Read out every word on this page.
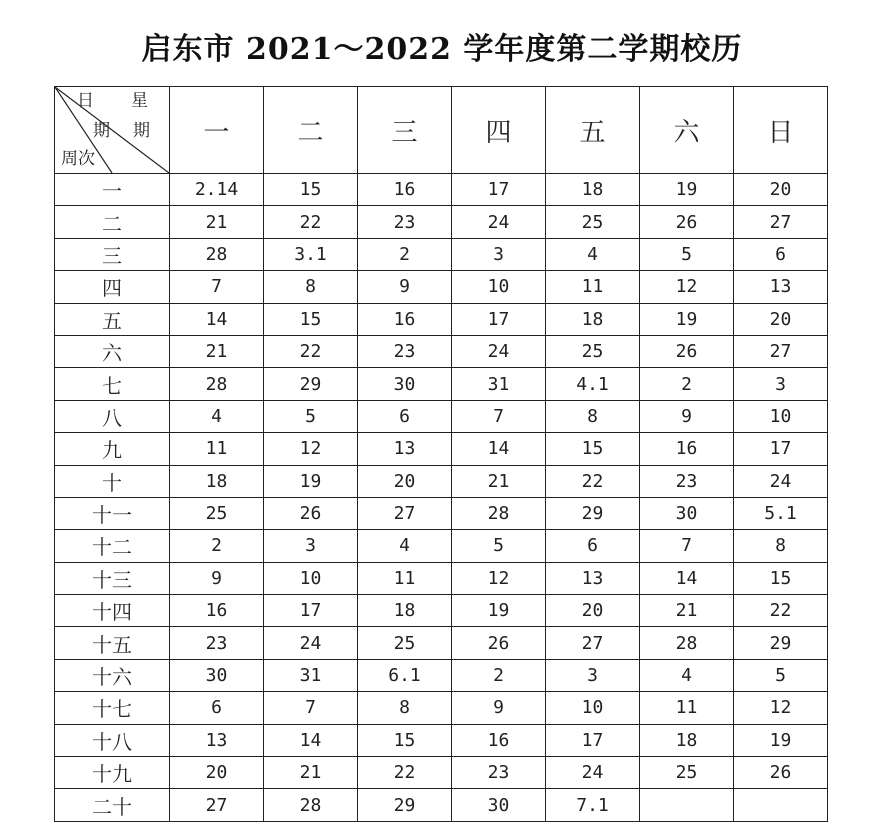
启东市 2021～2022 学年度第二学期校历
日 星
期 期
周次	一	二	三	四	五	六	日
一	2.14	15	16	17	18	19	20
二	21	22	23	24	25	26	27
三	28	3.1	2	3	4	5	6
四	7	8	9	10	11	12	13
五	14	15	16	17	18	19	20
六	21	22	23	24	25	26	27
七	28	29	30	31	4.1	2	3
八	4	5	6	7	8	9	10
九	11	12	13	14	15	16	17
十	18	19	20	21	22	23	24
十一	25	26	27	28	29	30	5.1
十二	2	3	4	5	6	7	8
十三	9	10	11	12	13	14	15
十四	16	17	18	19	20	21	22
十五	23	24	25	26	27	28	29
十六	30	31	6.1	2	3	4	5
十七	6	7	8	9	10	11	12
十八	13	14	15	16	17	18	19
十九	20	21	22	23	24	25	26
二十	27	28	29	30	7.1		
